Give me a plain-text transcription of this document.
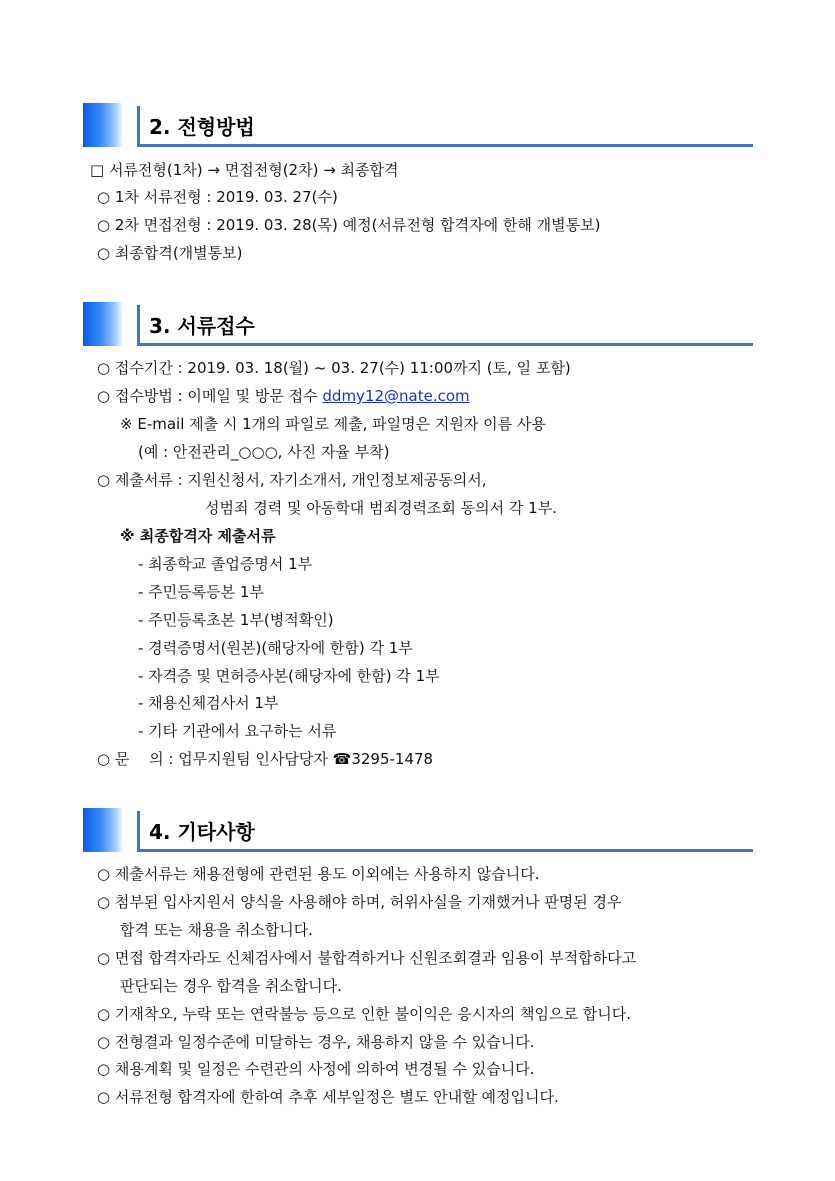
2. 전형방법
□ 서류전형(1차) → 면접전형(2차) → 최종합격
○ 1차 서류전형 : 2019. 03. 27(수)
○ 2차 면접전형 : 2019. 03. 28(목) 예정(서류전형 합격자에 한해 개별통보)
○ 최종합격(개별통보)
3. 서류접수
○ 접수기간 : 2019. 03. 18(월) ~ 03. 27(수) 11:00까지 (토, 일 포함)
○ 접수방법 : 이메일 및 방문 접수 ddmy12@nate.com
※ E-mail 제출 시 1개의 파일로 제출, 파일명은 지원자 이름 사용
(예 : 안전관리_○○○, 사진 자율 부착)
○ 제출서류 : 지원신청서, 자기소개서, 개인정보제공동의서,
성범죄 경력 및 아동학대 범죄경력조회 동의서 각 1부.
※ 최종합격자 제출서류
- 최종학교 졸업증명서 1부
- 주민등록등본 1부
- 주민등록초본 1부(병적확인)
- 경력증명서(원본)(해당자에 한함) 각 1부
- 자격증 및 면허증사본(해당자에 한함) 각 1부
- 채용신체검사서 1부
- 기타 기관에서 요구하는 서류
○ 문　 의 : 업무지원팀 인사담당자 ☎3295-1478
4. 기타사항
○ 제출서류는 채용전형에 관련된 용도 이외에는 사용하지 않습니다.
○ 첨부된 입사지원서 양식을 사용해야 하며, 허위사실을 기재했거나 판명된 경우
합격 또는 채용을 취소합니다.
○ 면접 합격자라도 신체검사에서 불합격하거나 신원조회결과 임용이 부적합하다고
판단되는 경우 합격을 취소합니다.
○ 기재착오, 누락 또는 연락불능 등으로 인한 불이익은 응시자의 책임으로 합니다.
○ 전형결과 일정수준에 미달하는 경우, 채용하지 않을 수 있습니다.
○ 채용계획 및 일정은 수련관의 사정에 의하여 변경될 수 있습니다.
○ 서류전형 합격자에 한하여 추후 세부일정은 별도 안내할 예정입니다.
